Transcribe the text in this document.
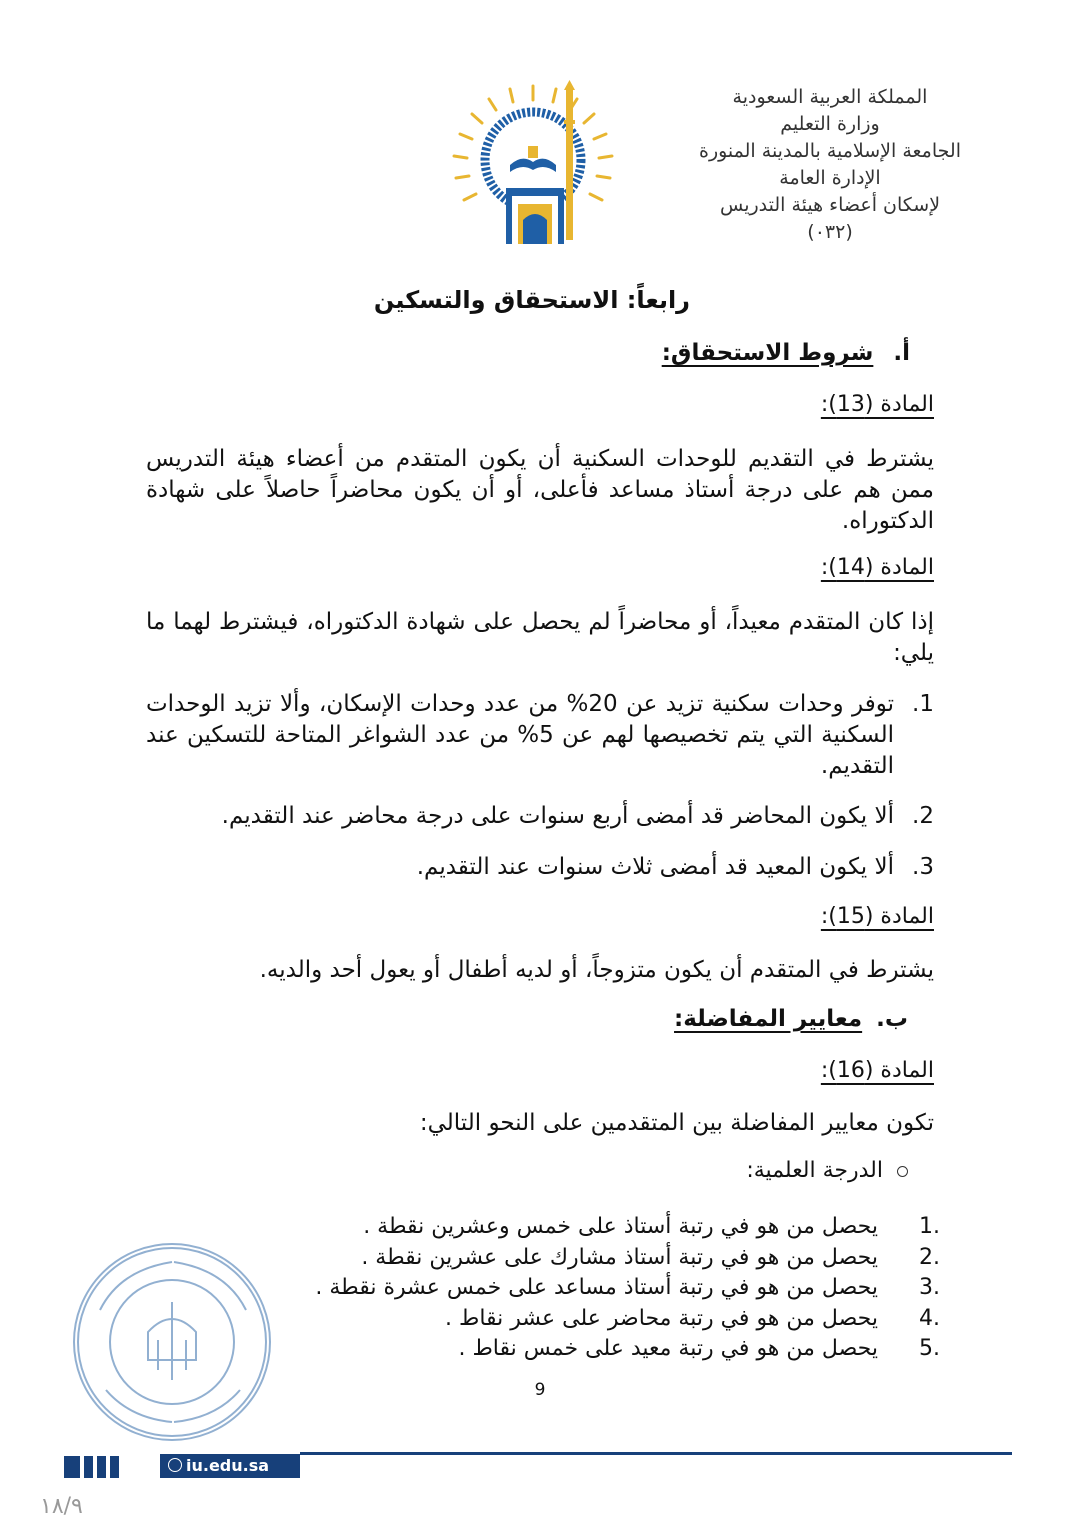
المملكة العربية السعودية
وزارة التعليم
الجامعة الإسلامية بالمدينة المنورة
الإدارة العامة
لإسكان أعضاء هيئة التدريس
(٠٣٢)
رابعاً: الاستحقاق والتسكين
أ. شروط الاستحقاق:
المادة (13):
يشترط في التقديم للوحدات السكنية أن يكون المتقدم من أعضاء هيئة التدريس ممن هم على درجة أستاذ مساعد فأعلى، أو أن يكون محاضراً حاصلاً على شهادة الدكتوراه.
المادة (14):
إذا كان المتقدم معيداً، أو محاضراً لم يحصل على شهادة الدكتوراه، فيشترط لهما ما يلي:
1.
توفر وحدات سكنية تزيد عن 20% من عدد وحدات الإسكان، وألا تزيد الوحدات السكنية التي يتم تخصيصها لهم عن 5% من عدد الشواغر المتاحة للتسكين عند التقديم.
2.
ألا يكون المحاضر قد أمضى أربع سنوات على درجة محاضر عند التقديم.
3.
ألا يكون المعيد قد أمضى ثلاث سنوات عند التقديم.
المادة (15):
يشترط في المتقدم أن يكون متزوجاً، أو لديه أطفال أو يعول أحد والديه.
ب. معايير المفاضلة:
المادة (16):
تكون معايير المفاضلة بين المتقدمين على النحو التالي:
الدرجة العلمية:
.1
يحصل من هو في رتبة أستاذ على خمس وعشرين نقطة .
.2
يحصل من هو في رتبة أستاذ مشارك على عشرين نقطة .
.3
يحصل من هو في رتبة أستاذ مساعد على خمس عشرة نقطة .
.4
يحصل من هو في رتبة محاضر على عشر نقاط .
.5
يحصل من هو في رتبة معيد على خمس نقاط .
9
iu.edu.sa
١٨/٩
